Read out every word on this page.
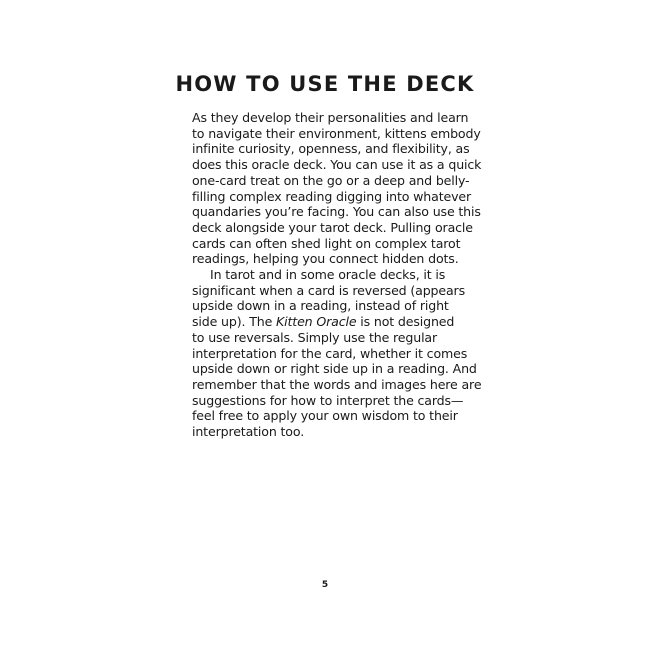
HOW TO USE THE DECK
As they develop their personalities and learn
to navigate their environment, kittens embody
infinite curiosity, openness, and flexibility, as
does this oracle deck. You can use it as a quick
one-card treat on the go or a deep and belly-
filling complex reading digging into whatever
quandaries you’re facing. You can also use this
deck alongside your tarot deck. Pulling oracle
cards can often shed light on complex tarot
readings, helping you connect hidden dots.
In tarot and in some oracle decks, it is
significant when a card is reversed (appears
upside down in a reading, instead of right
side up). The Kitten Oracle is not designed
to use reversals. Simply use the regular
interpretation for the card, whether it comes
upside down or right side up in a reading. And
remember that the words and images here are
suggestions for how to interpret the cards—
feel free to apply your own wisdom to their
interpretation too.
5
